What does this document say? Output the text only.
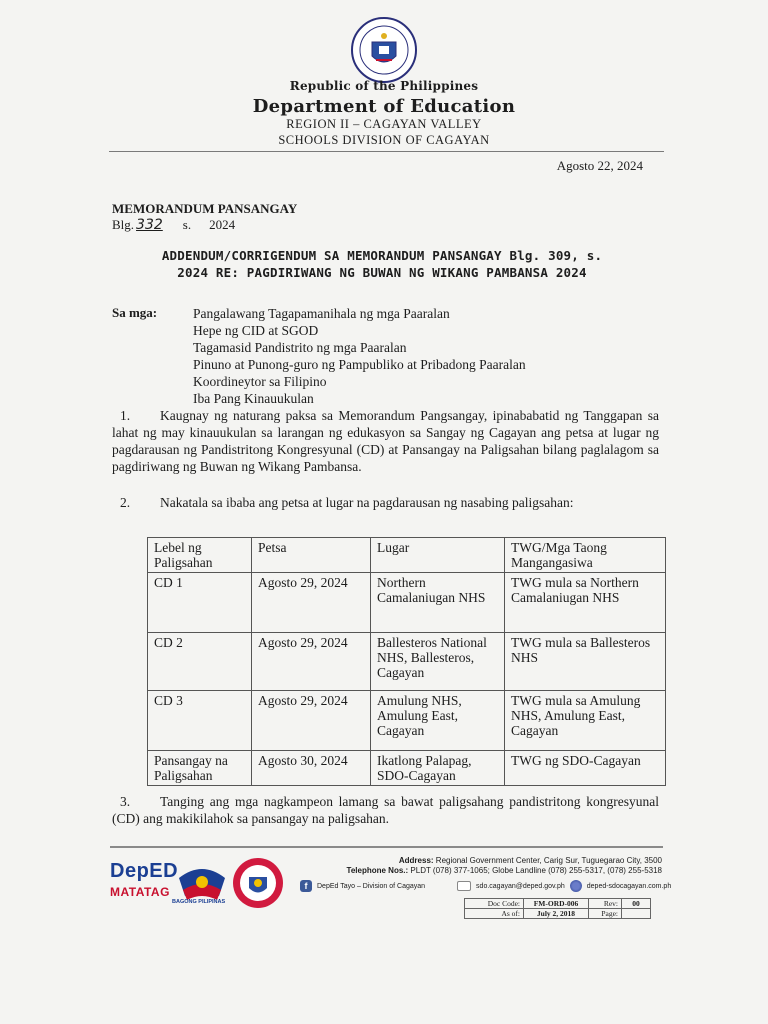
Republic of the Philippines
Department of Education
REGION II – CAGAYAN VALLEY
SCHOOLS DIVISION OF CAGAYAN
Agosto 22, 2024
MEMORANDUM PANSANGAY
Blg. 332 s. 2024
ADDENDUM/CORRIGENDUM SA MEMORANDUM PANSANGAY Blg. 309, s.
2024 RE: PAGDIRIWANG NG BUWAN NG WIKANG PAMBANSA 2024
Sa mga:	Pangalawang Tagapamanihala ng mga Paaralan
Hepe ng CID at SGOD
Tagamasid Pandistrito ng mga Paaralan
Pinuno at Punong-guro ng Pampubliko at Pribadong Paaralan
Koordineytor sa Filipino
Iba Pang Kinauukulan
1. Kaugnay ng naturang paksa sa Memorandum Pangsangay, ipinababatid ng Tanggapan sa lahat ng may kinauukulan sa larangan ng edukasyon sa Sangay ng Cagayan ang petsa at lugar ng pagdarausan ng Pandistritong Kongresyunal (CD) at Pansangay na Paligsahan bilang paglalagom sa pagdiriwang ng Buwan ng Wikang Pambansa.
2. Nakatala sa ibaba ang petsa at lugar na pagdarausan ng nasabing paligsahan:
Lebel ng Paligsahan	Petsa	Lugar	TWG/Mga Taong Mangangasiwa
CD 1	Agosto 29, 2024	Northern Camalaniugan NHS	TWG mula sa Northern Camalaniugan NHS
CD 2	Agosto 29, 2024	Ballesteros National NHS, Ballesteros, Cagayan	TWG mula sa Ballesteros NHS
CD 3	Agosto 29, 2024	Amulung NHS, Amulung East, Cagayan	TWG mula sa Amulung NHS, Amulung East, Cagayan
Pansangay na Paligsahan	Agosto 30, 2024	Ikatlong Palapag, SDO-Cagayan	TWG ng SDO-Cagayan
3. Tanging ang mga nagkampeon lamang sa bawat paligsahang pandistritong kongresyunal (CD) ang makikilahok sa pansangay na paligsahan.
DepED
MATATAG
BAGONG PILIPINAS
Address: Regional Government Center, Carig Sur, Tuguegarao City, 3500
Telephone Nos.: PLDT (078) 377-1065; Globe Landline (078) 255-5317, (078) 255-5318
f	DepEd Tayo – Division of Cagayan	sdo.cagayan@deped.gov.ph	deped-sdocagayan.com.ph
Doc Code:	FM-ORD-006	Rev:	00
As of:	July 2, 2018	Page:	
